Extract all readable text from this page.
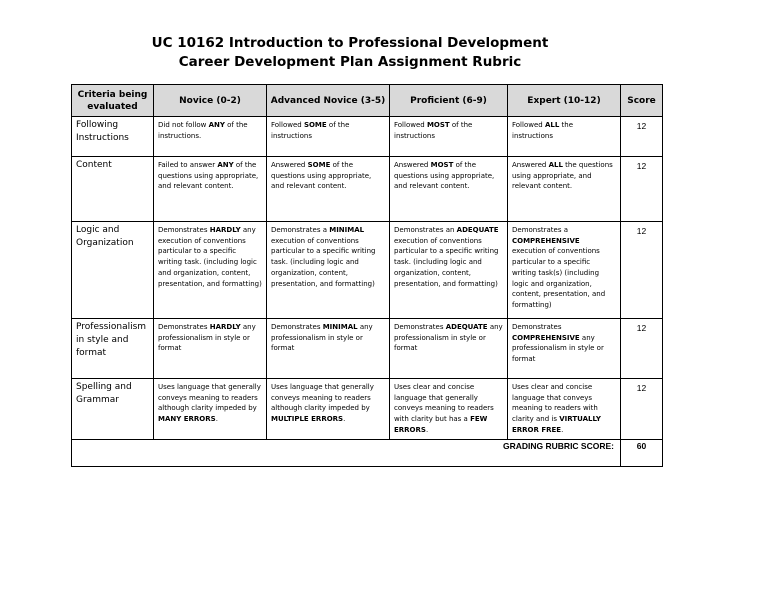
UC 10162 Introduction to Professional Development
Career Development Plan Assignment Rubric
Criteria being evaluated	Novice (0-2)	Advanced Novice (3-5)	Proficient (6-9)	Expert (10-12)	Score
Following Instructions	Did not follow ANY of the instructions.	Followed SOME of the instructions	Followed MOST of the instructions	Followed ALL the instructions	12
Content	Failed to answer ANY of the questions using appropriate, and relevant content.	Answered SOME of the questions using appropriate, and relevant content.	Answered MOST of the questions using appropriate, and relevant content.	Answered ALL the questions using appropriate, and relevant content.	12
Logic and Organization	Demonstrates HARDLY any execution of conventions particular to a specific writing task. (including logic and organization, content, presentation, and formatting)	Demonstrates a MINIMAL execution of conventions particular to a specific writing task. (including logic and organization, content, presentation, and formatting)	Demonstrates an ADEQUATE execution of conventions particular to a specific writing task. (including logic and organization, content, presentation, and formatting)	Demonstrates a COMPREHENSIVE execution of conventions particular to a specific writing task(s) (including logic and organization, content, presentation, and formatting)	12
Professionalism in style and format	Demonstrates HARDLY any professionalism in style or format	Demonstrates MINIMAL any professionalism in style or format	Demonstrates ADEQUATE any professionalism in style or format	Demonstrates COMPREHENSIVE any professionalism in style or format	12
Spelling and Grammar	Uses language that generally conveys meaning to readers although clarity impeded by MANY ERRORS.	Uses language that generally conveys meaning to readers although clarity impeded by MULTIPLE ERRORS.	Uses clear and concise language that generally conveys meaning to readers with clarity but has a FEW ERRORS.	Uses clear and concise language that conveys meaning to readers with clarity and is VIRTUALLY ERROR FREE.	12
GRADING RUBRIC SCORE:					60
